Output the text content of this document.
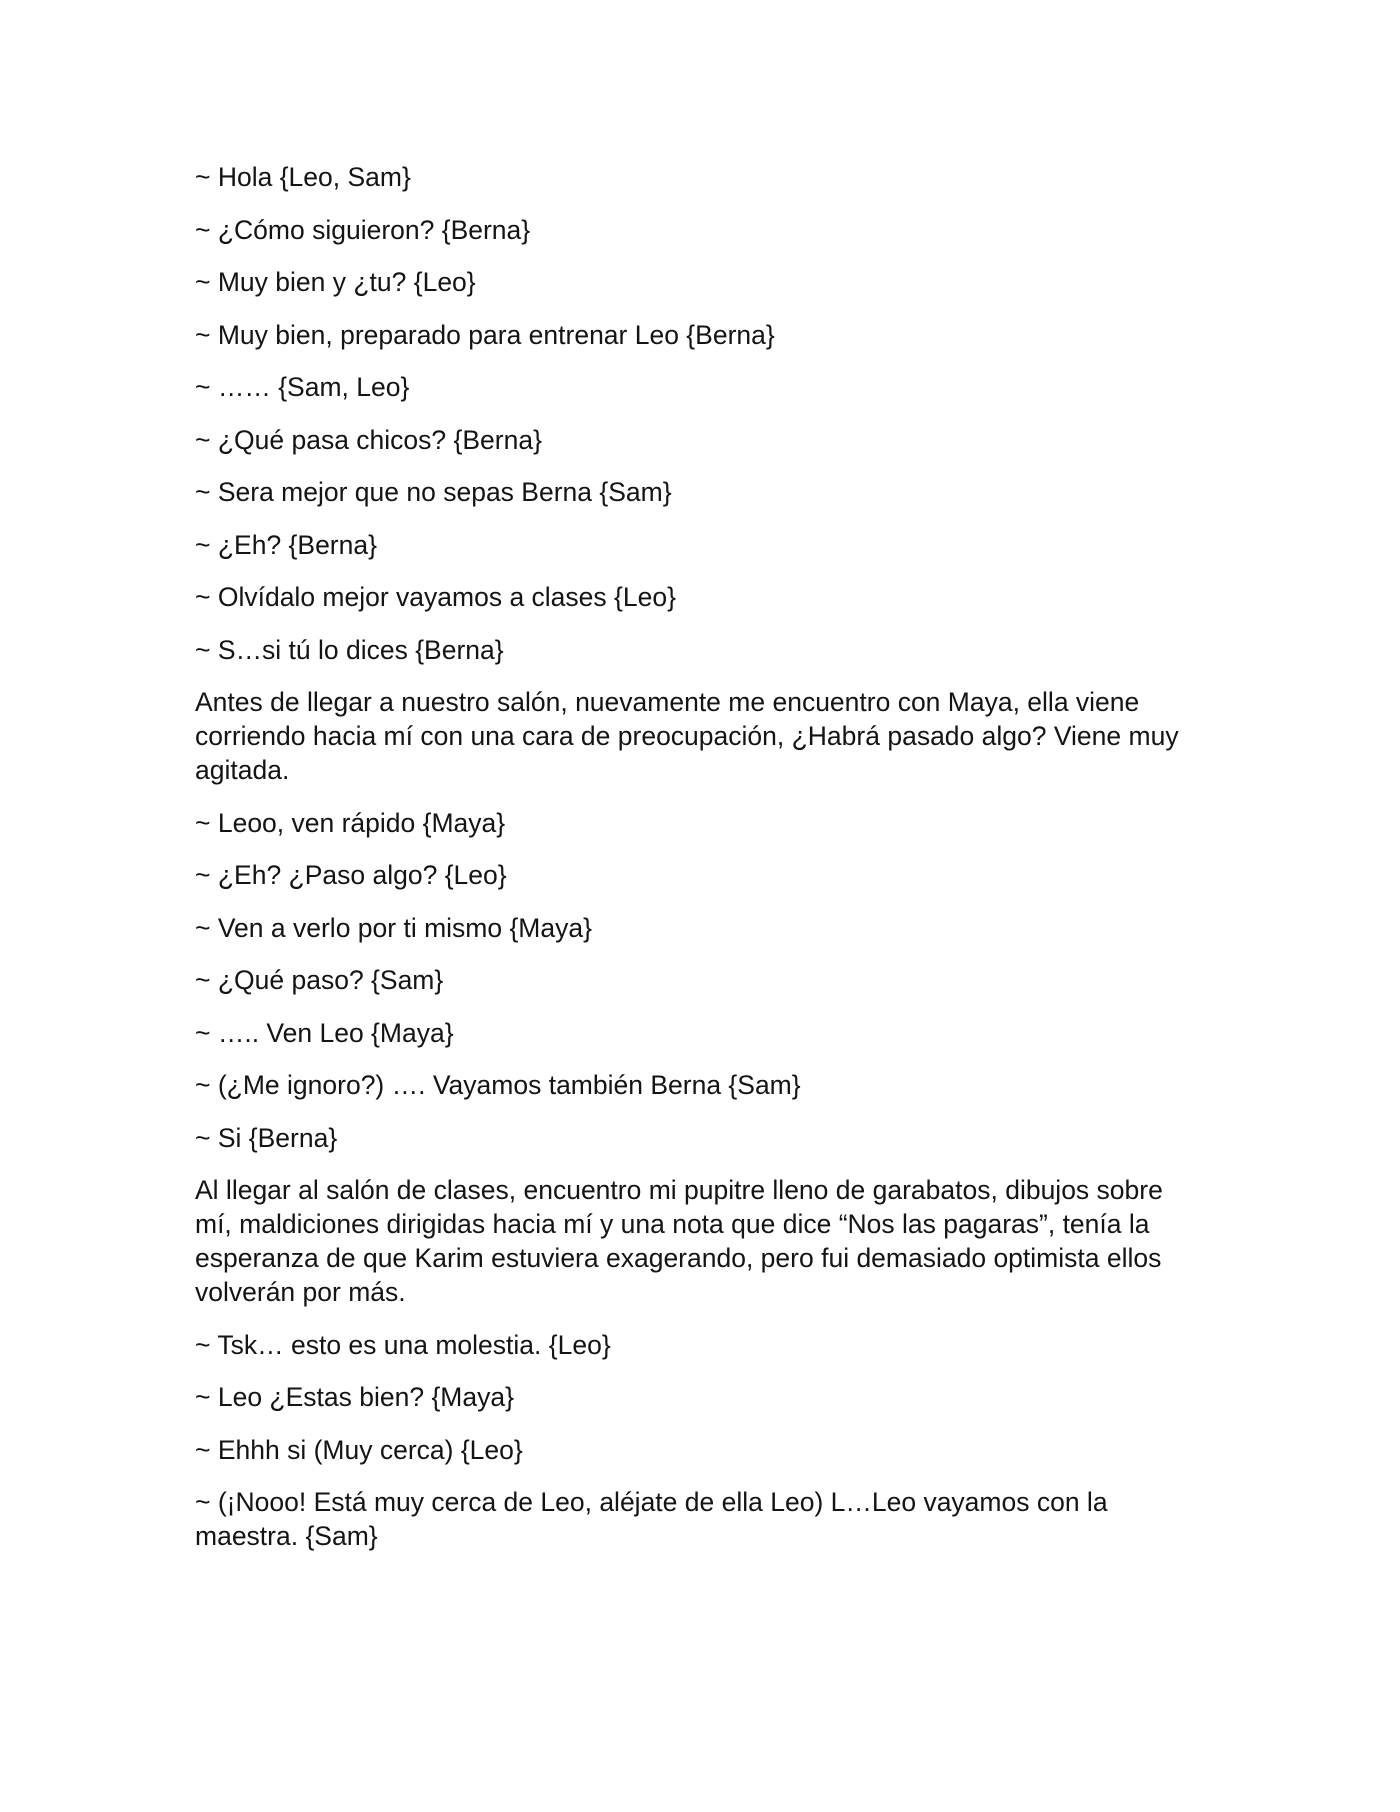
~ Hola {Leo, Sam}

~ ¿Cómo siguieron? {Berna}

~ Muy bien y ¿tu? {Leo}

~ Muy bien, preparado para entrenar Leo {Berna}

~ …… {Sam, Leo}

~ ¿Qué pasa chicos? {Berna}

~ Sera mejor que no sepas Berna {Sam}

~ ¿Eh? {Berna}

~ Olvídalo mejor vayamos a clases {Leo}

~ S…si tú lo dices {Berna}

Antes de llegar a nuestro salón, nuevamente me encuentro con Maya, ella viene corriendo hacia mí con una cara de preocupación, ¿Habrá pasado algo? Viene muy agitada.

~ Leoo, ven rápido {Maya}

~ ¿Eh? ¿Paso algo? {Leo}

~ Ven a verlo por ti mismo {Maya}

~ ¿Qué paso? {Sam}

~ ….. Ven Leo {Maya}

~ (¿Me ignoro?) …. Vayamos también Berna {Sam}

~ Si {Berna}

Al llegar al salón de clases, encuentro mi pupitre lleno de garabatos, dibujos sobre mí, maldiciones dirigidas hacia mí y una nota que dice “Nos las pagaras”, tenía la esperanza de que Karim estuviera exagerando, pero fui demasiado optimista ellos volverán por más.

~ Tsk… esto es una molestia. {Leo}

~ Leo ¿Estas bien? {Maya}

~ Ehhh si (Muy cerca) {Leo}

~ (¡Nooo! Está muy cerca de Leo, aléjate de ella Leo) L…Leo vayamos con la maestra. {Sam}
